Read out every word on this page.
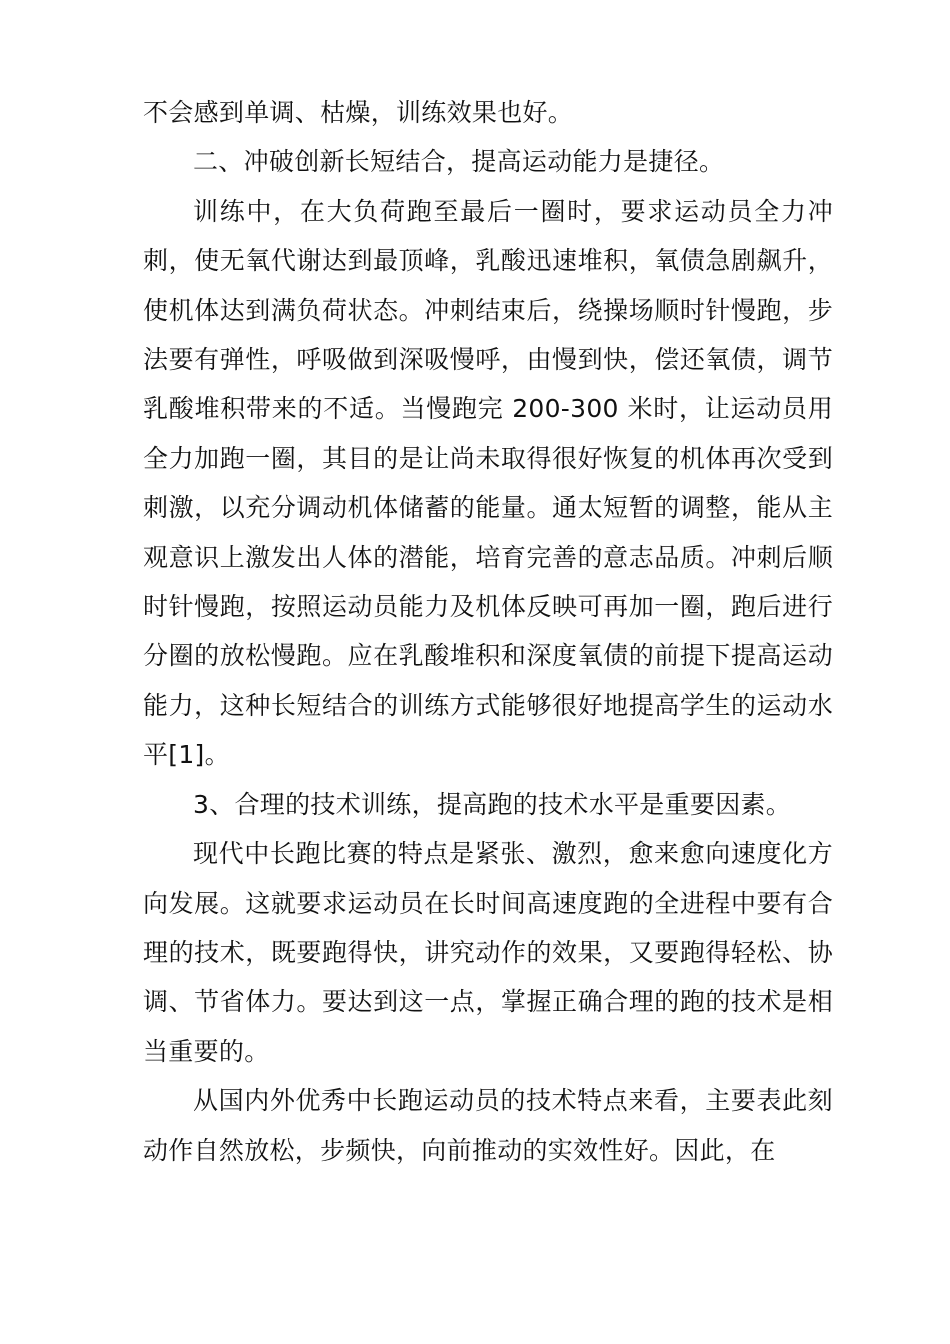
不会感到单调、枯燥，训练效果也好。

二、冲破创新长短结合，提高运动能力是捷径。

训练中，在大负荷跑至最后一圈时，要求运动员全力冲刺，使无氧代谢达到最顶峰，乳酸迅速堆积，氧债急剧飙升，使机体达到满负荷状态。冲刺结束后，绕操场顺时针慢跑，步法要有弹性，呼吸做到深吸慢呼，由慢到快，偿还氧债，调节乳酸堆积带来的不适。当慢跑完 200-300 米时，让运动员用全力加跑一圈，其目的是让尚未取得很好恢复的机体再次受到刺激，以充分调动机体储蓄的能量。通太短暂的调整，能从主观意识上激发出人体的潜能，培育完善的意志品质。冲刺后顺时针慢跑，按照运动员能力及机体反映可再加一圈，跑后进行分圈的放松慢跑。应在乳酸堆积和深度氧债的前提下提高运动能力，这种长短结合的训练方式能够很好地提高学生的运动水平[1]。

3、合理的技术训练，提高跑的技术水平是重要因素。

现代中长跑比赛的特点是紧张、激烈，愈来愈向速度化方向发展。这就要求运动员在长时间高速度跑的全进程中要有合理的技术，既要跑得快，讲究动作的效果，又要跑得轻松、协调、节省体力。要达到这一点，掌握正确合理的跑的技术是相当重要的。

从国内外优秀中长跑运动员的技术特点来看，主要表此刻动作自然放松，步频快，向前推动的实效性好。因此，在
